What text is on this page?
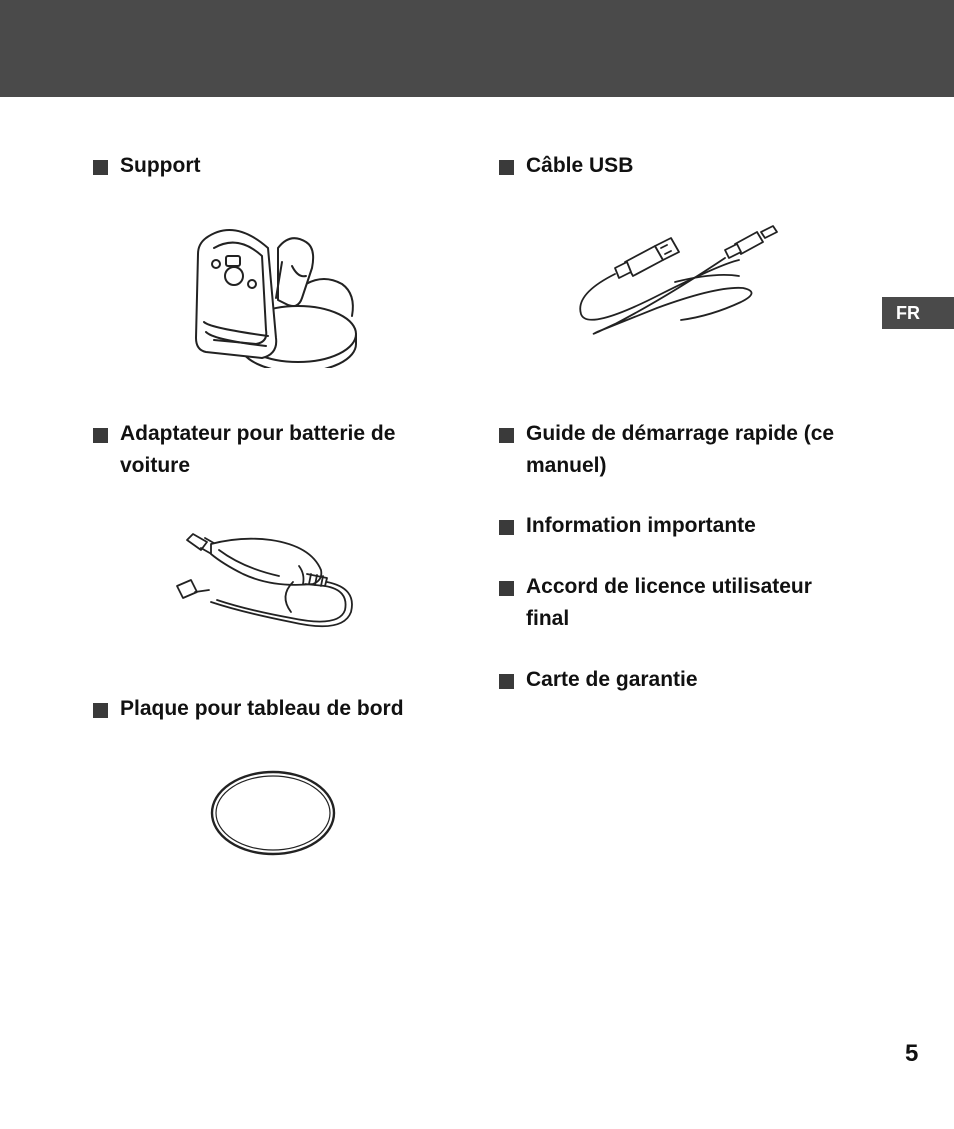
FR
Support
Adaptateur pour batterie de voiture
Plaque pour tableau de bord
Câble USB
Guide de démarrage rapide (ce manuel)
Information importante
Accord de licence utilisateur final
Carte de garantie
5
